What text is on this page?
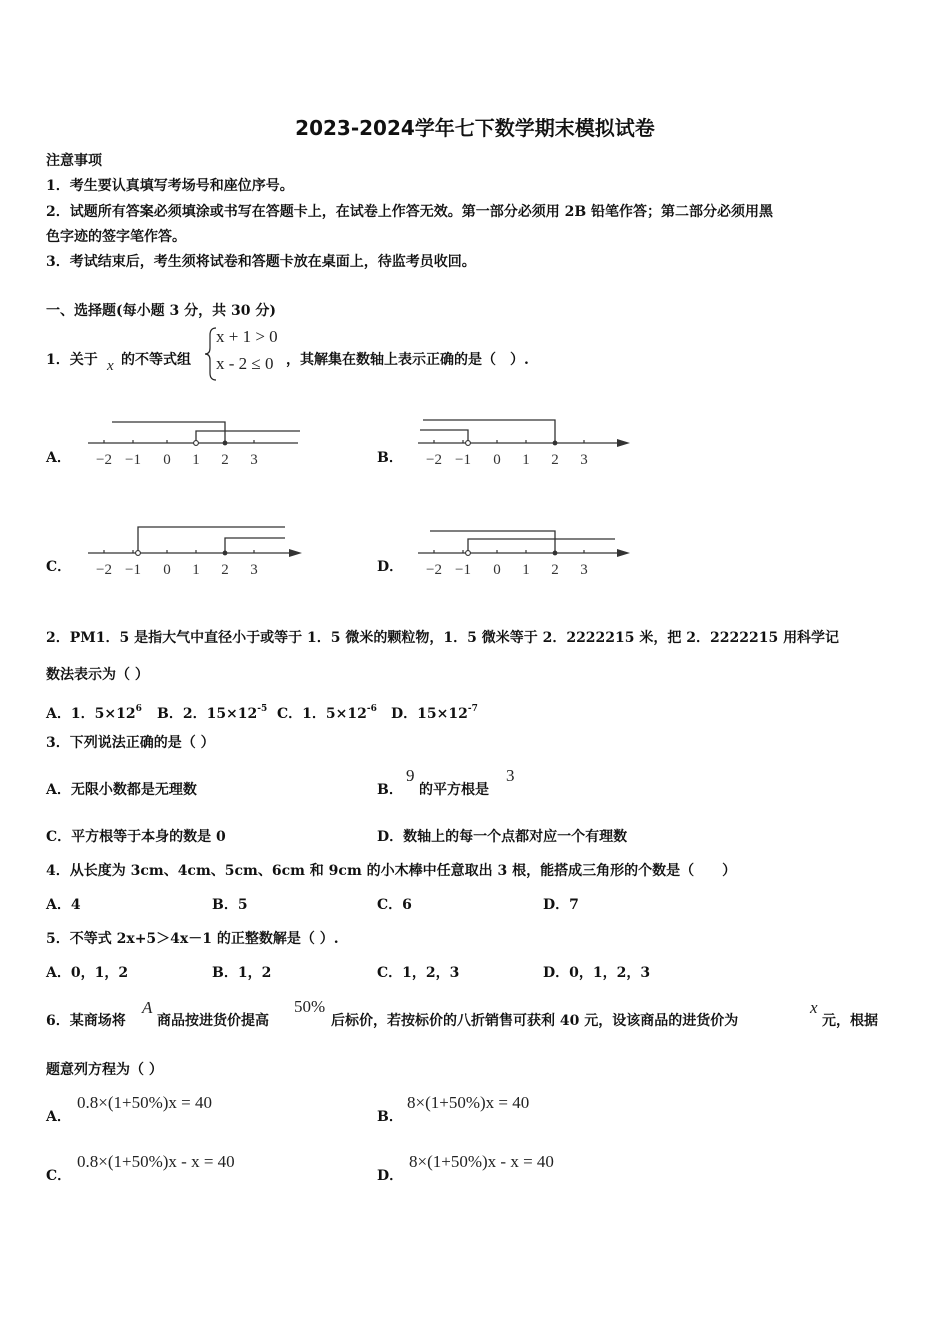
2023-2024学年七下数学期末模拟试卷
注意事项
1．考生要认真填写考场号和座位序号。
2．试题所有答案必须填涂或书写在答题卡上，在试卷上作答无效。第一部分必须用 2B 铅笔作答；第二部分必须用黑
色字迹的签字笔作答。
3．考试结束后，考生须将试卷和答题卡放在桌面上，待监考员收回。
一、选择题(每小题 3 分，共 30 分)
1．关于 x 的不等式组
x + 1 > 0
x - 2 ≤ 0 ，其解集在数轴上表示正确的是（　）.
A． −2 −1 0 1 2 3	B． −2 −1 0 1 2 3
C． −2 −1 0 1 2 3	D． −2 −1 0 1 2 3
2．PM1．5 是指大气中直径小于或等于 1．5 微米的颗粒物，1．5 微米等于 2．2222215 米，把 2．2222215 用科学记
数法表示为（ ）
A．1．$5\times 12^6$ B．2．$15\times 12^{-5}$ C．1．$5\times 12^{-6}$ D．$15\times 12^{-7}$
3．下列说法正确的是（ ）
A．无限小数都是无理数	B．
9
的平方根是
3
C．平方根等于本身的数是 0	D．数轴上的每一个点都对应一个有理数
4．从长度为 3cm、4cm、5cm、6cm 和 9cm 的小木棒中任意取出 3 根，能搭成三角形的个数是（　　）
A．4	B．5	C．6	D．7
5．不等式 2x+5＞4x－1 的正整数解是（ ）.
A．0，1，2	B．1，2	C．1，2，3	D．0，1，2，3
6．某商场将
A
商品按进货价提高
50%
后标价，若按标价的八折销售可获利 40 元，设该商品的进货价为
x
元，根据
题意列方程为（ ）
A．
0.8×(1+50%)x = 40
B．
8×(1+50%)x = 40
C．
0.8×(1+50%)x - x = 40
D．
8×(1+50%)x - x = 40
